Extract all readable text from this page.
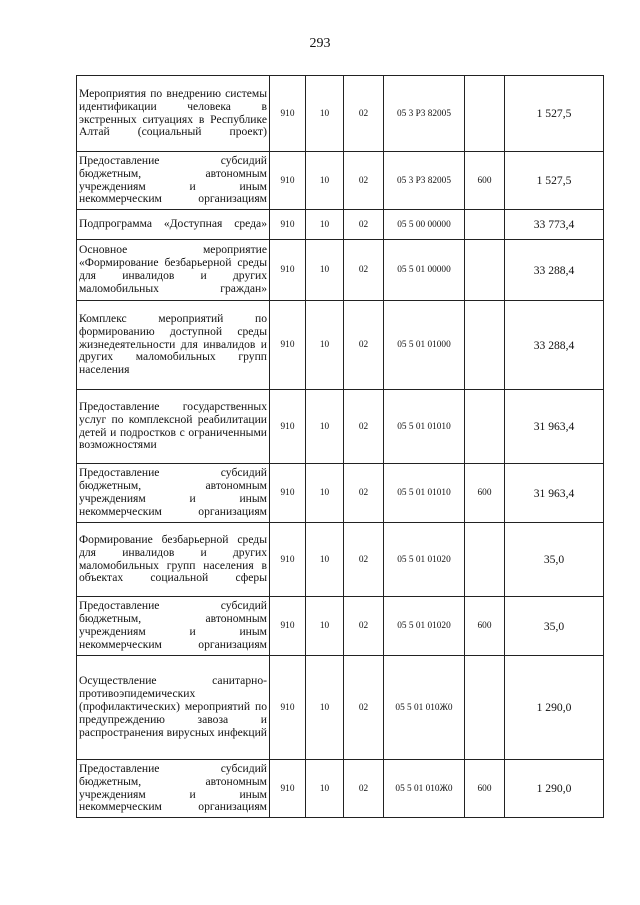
293
Мероприятия по внедрению системы идентификации человека в экстренных ситуациях в Республике Алтай (социальный проект)	910	10	02	05 3 P3 82005		1 527,5
Предоставление субсидий бюджетным, автономным учреждениям и иным некоммерческим организациям	910	10	02	05 3 P3 82005	600	1 527,5
Подпрограмма «Доступная среда»	910	10	02	05 5 00 00000		33 773,4
Основное мероприятие «Формирование безбарьерной среды для инвалидов и других маломобильных граждан»	910	10	02	05 5 01 00000		33 288,4
Комплекс мероприятий по формированию доступной среды жизнедеятельности для инвалидов и других маломобильных групп населения	910	10	02	05 5 01 01000		33 288,4
Предоставление государственных услуг по комплексной реабилитации детей и подростков с ограниченными возможностями	910	10	02	05 5 01 01010		31 963,4
Предоставление субсидий бюджетным, автономным учреждениям и иным некоммерческим организациям	910	10	02	05 5 01 01010	600	31 963,4
Формирование безбарьерной среды для инвалидов и других маломобильных групп населения в объектах социальной сферы	910	10	02	05 5 01 01020		35,0
Предоставление субсидий бюджетным, автономным учреждениям и иным некоммерческим организациям	910	10	02	05 5 01 01020	600	35,0
Осуществление санитарно-противоэпидемических (профилактических) мероприятий по предупреждению завоза и распространения вирусных инфекций	910	10	02	05 5 01 010Ж0		1 290,0
Предоставление субсидий бюджетным, автономным учреждениям и иным некоммерческим организациям	910	10	02	05 5 01 010Ж0	600	1 290,0
